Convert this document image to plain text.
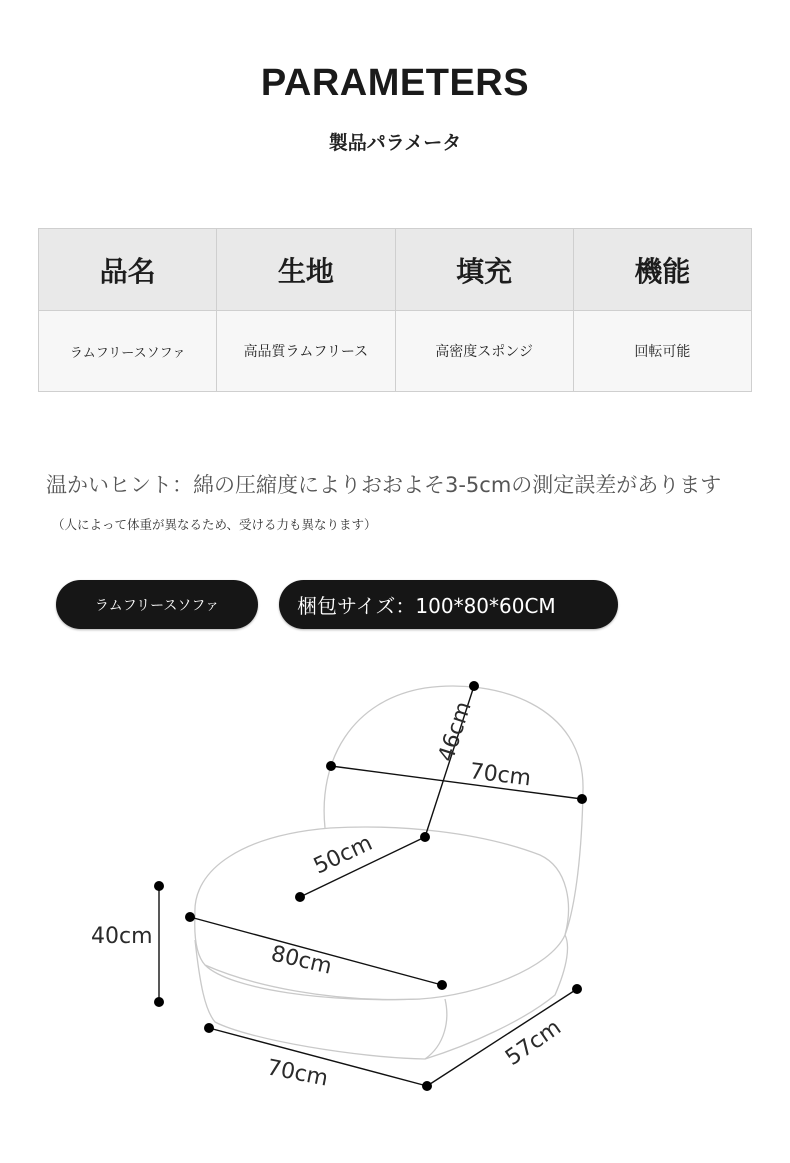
PARAMETERS
製品パラメータ
品名	生地	填充	機能
ラムフリースソファ	高品質ラムフリース	高密度スポンジ	回転可能
温かいヒント：綿の圧縮度によりおおよそ3-5cmの測定誤差があります
（人によって体重が異なるため、受ける力も異なります）
ラムフリースソファ	梱包サイズ：100*80*60CM
46cm
70cm
50cm
40cm
80cm
70cm
57cm
